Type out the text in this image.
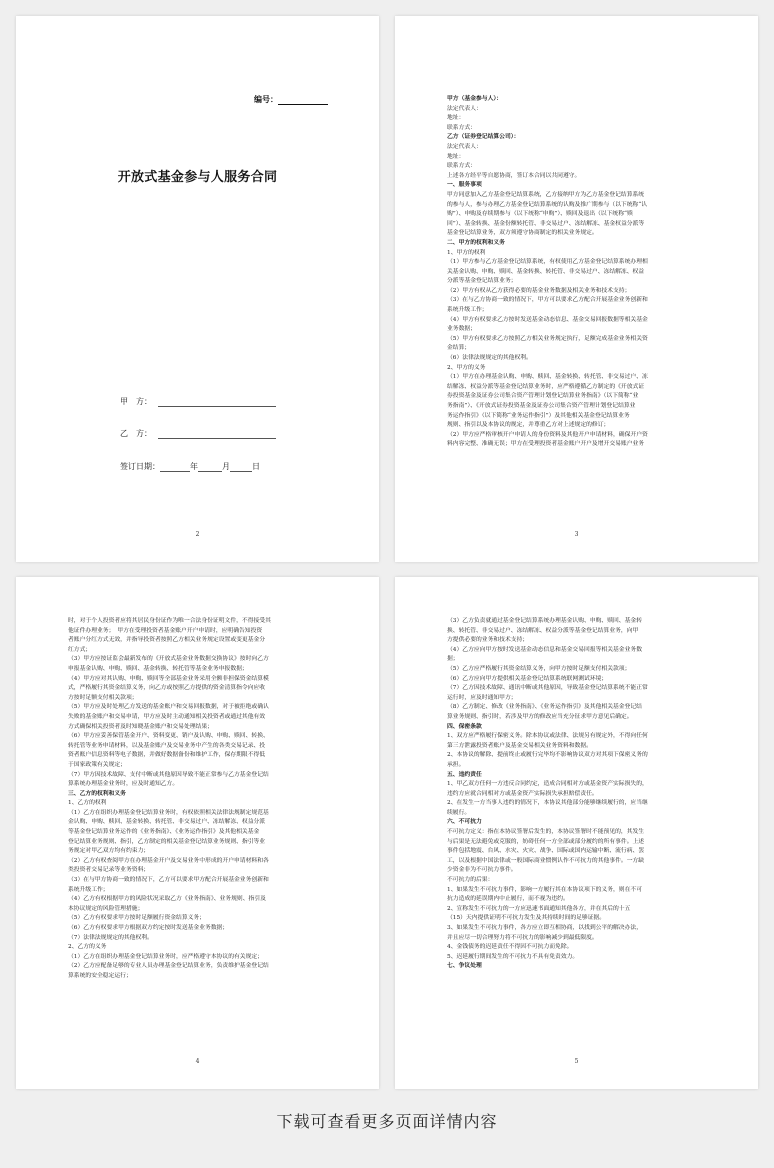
编号：
开放式基金参与人服务合同
甲　方：
乙　方：
签订日期：	年	月	日
2

甲方（基金参与人）：

法定代表人：

地址：

联系方式：

乙方（证券登记结算公司）：

法定代表人：

地址：

联系方式：

上述各方经平等自愿协商，签订本合同以共同遵守。

一、服务事项

甲方同意加入乙方基金登记结算系统，乙方接纳甲方为乙方基金登记结算系统

的参与人，参与办理乙方基金登记结算系统的认购及推广期参与（以下统称“认

购”）、申购及存续期参与（以下统称“申购”）、赎回及退出（以下统称“赎

回”）、基金转换、基金份额转托管、非交易过户、冻结解冻、基金权益分派等

基金登记结算业务，双方须遵守协商制定的相关业务规定。

二、甲方的权利和义务

1、甲方的权利

（1）甲方参与乙方基金登记结算系统，有权使用乙方基金登记结算系统办理相

关基金认购、申购、赎回、基金转换、转托管、非交易过户、冻结解冻、权益

分派等基金登记结算业务；

（2）甲方有权从乙方获得必要的基金业务数据及相关业务和技术支持；

（3）在与乙方协商一致的情况下，甲方可以要求乙方配合开展基金业务创新和

系统升级工作；

（4）甲方有权要求乙方按时发送基金动态信息、基金交易回报数据等相关基金

业务数据；

（5）甲方有权要求乙方按照乙方相关业务规定执行，足额完成基金业务相关资

金结算；

（6）法律法规规定的其他权利。

2、甲方的义务

（1）甲方在办理基金认购、申购、赎回、基金转换、转托管、非交易过户、冻

结解冻、权益分派等基金登记结算业务时，应严格遵循乙方制定的《开放式证

券投资基金及证券公司集合资产管理计划登记结算业务指南》（以下简称“业

务指南”）、《开放式证券投资基金及证券公司集合资产管理计划登记结算业

务运作指引》（以下简称“业务运作指引”）及其他相关基金登记结算业务

规则、指引以及本协议的规定，并尊重乙方对上述规定的修订；

（2）甲方应严格审核开户申请人的身份资料及其他开户申请材料，确保开户资

料内容完整、准确无误；甲方在受理投资者基金账户开户及增开交易账户业务

3

时，对于个人投资者应将其居民身份证作为唯一合法身份证明文件，不得接受其

他证件办理业务；　甲方在受理投资者基金账户开户申请时，应明确告知投资

者账户分红方式无效，并指导投资者按照乙方相关业务规定设置或变更基金分

红方式；

（3）甲方应按证监会最新发布的《开放式基金业务数据交换协议》按时向乙方

申报基金认购、申购、赎回、基金转换、转托管等基金业务申报数据；

（4）甲方应对其认购、申购、赎回等全部基金业务采用全额非担保资金结算模

式，严格履行其资金结算义务，向乙方或按照乙方提供的资金清算指令向应收

方按时足额支付相关款项；

（5）甲方应及时处理乙方发送的基金账户和交易回报数据，对于被拒绝或确认

失败的基金账户和交易申请，甲方应及时主动通知相关投资者或通过其他有效

方式确保相关投资者及时知晓基金账户和交易处理结果；

（6）甲方应妥善保管基金开户、资料变更、销户及认购、申购、赎回、转换、

转托管等业务申请材料，以及基金账户及交易业务中产生的各类交易记录、投

资者账户信息资料等电子数据，并做好数据备份和维护工作，保存期限不得低

于国家政策有关规定；

（7）甲方因技术故障、支付中断或其他原因导致不能正常参与乙方基金登记结

算系统办理基金业务时，应及时通知乙方。

三、乙方的权利和义务

1、乙方的权利

（1）乙方在组织办理基金登记结算业务时，有权依照相关法律法规制定规范基

金认购、申购、赎回、基金转换、转托管、非交易过户、冻结解冻、权益分派

等基金登记结算业务运作的《业务指南》、《业务运作指引》及其他相关基金

登记结算业务规则、指引，乙方制定的相关基金登记结算业务规则、指引等业

务规定对甲乙双方均有约束力；

（2）乙方有权查阅甲方在办理基金开户及交易业务中形成的开户申请材料和各

类投资者交易记录等业务资料；

（3）在与甲方协商一致的情况下，乙方可以要求甲方配合开展基金业务创新和

系统升级工作；

（4）乙方有权根据甲方的风险状况采取乙方《业务指南》、业务规则、指引及

本协议规定的风险管理措施；

（5）乙方有权要求甲方按时足额履行资金结算义务；

（6）乙方有权要求甲方根据双方约定按时发送基金业务数据；

（7）法律法规规定的其他权利。

2、乙方的义务

（1）乙方在组织办理基金登记结算业务时，应严格遵守本协议的有关规定；

（2）乙方应配备足够的专业人员办理基金登记结算业务，负责维护基金登记结

算系统的安全稳定运行；

4

（3）乙方负责就通过基金登记结算系统办理基金认购、申购、赎回、基金转

换、转托管、非交易过户、冻结解冻、权益分派等基金登记结算业务，向甲

方提供必要的业务和技术支持；

（4）乙方应向甲方按时发送基金动态信息和基金交易回报等相关基金业务数

据；

（5）乙方应严格履行其资金结算义务，向甲方按时足额支付相关款项；

（6）乙方应向甲方提供相关基金登记结算系统联网测试环境；

（7）乙方因技术故障、通讯中断或其他原因，导致基金登记结算系统不能正常

运行时，应及时通知甲方；

（8）乙方制定、修改《业务指南》、《业务运作指引》及其他相关基金登记结

算业务规则、指引时，若涉及甲方的修改应当充分征求甲方意见后确定。

四、保密条款

1、双方应严格履行保密义务。除本协议或法律、法规另有规定外，不得向任何

第三方泄露投资者账户及基金交易相关业务资料和数据。

2、本协议的解除、提前终止或履行完毕均不影响协议双方对其项下保密义务的

承担。

五、违约责任

1、甲乙双方任何一方违反合同约定，造成合同相对方或基金资产实际损失的，

违约方应就合同相对方或基金资产实际损失承担赔偿责任。

2、在发生一方当事人违约的情况下，本协议其他部分能够继续履行的，应当继

续履行。

六、不可抗力

不可抗力定义：指在本协议签署后发生的，本协议签署时不能预见的，其发生

与后果是无法避免或克服的，妨碍任何一方全部或部分履约的所有事件。上述

事件包括地震、台风、水灾、火灾、战争、国际或国内运输中断、流行病、罢

工，以及根据中国法律或一般国际商业惯例认作不可抗力的其他事件。一方缺

少资金非为不可抗力事件。

不可抗力的后果：

1、如果发生不可抗力事件，影响一方履行其在本协议项下的义务，则在不可

抗力造成的延误期内中止履行，而不视为违约。

2、宣称发生不可抗力的一方应迅速书面通知其他各方，并在其后的十五

（15）天内提供证明不可抗力发生及其持续时间的足够证据。

3、如果发生不可抗力事件，各方应立即互相协商，以找到公平的解决办法，

并且应尽一切合理努力将不可抗力的影响减少到最低限度。

4、金钱债务的迟延责任不得因不可抗力而免除。

5、迟延履行期间发生的不可抗力不具有免责效力。

七、争议处理

5
下载可查看更多页面详情内容
